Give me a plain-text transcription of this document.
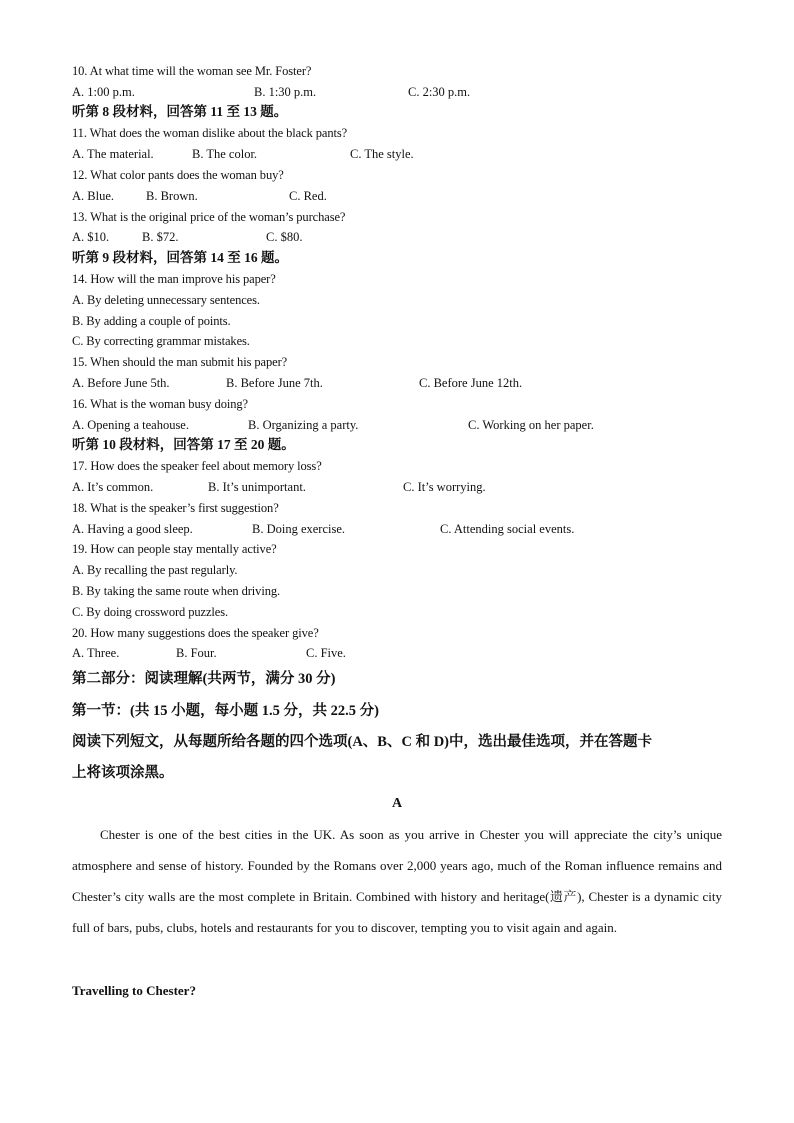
10. At what time will the woman see Mr. Foster?
A. 1:00 p.m.	B. 1:30 p.m.	C. 2:30 p.m.
听第 8 段材料，回答第 11 至 13 题。
11. What does the woman dislike about the black pants?
A. The material.	B. The color.	C. The style.
12. What color pants does the woman buy?
A. Blue.	B. Brown.	C. Red.
13. What is the original price of the woman’s purchase?
A. $10.	B. $72.	C. $80.
听第 9 段材料，回答第 14 至 16 题。
14. How will the man improve his paper?
A. By deleting unnecessary sentences.
B. By adding a couple of points.
C. By correcting grammar mistakes.
15. When should the man submit his paper?
A. Before June 5th.	B. Before June 7th.	C. Before June 12th.
16. What is the woman busy doing?
A. Opening a teahouse.	B. Organizing a party.	C. Working on her paper.
听第 10 段材料，回答第 17 至 20 题。
17. How does the speaker feel about memory loss?
A. It’s common.	B. It’s unimportant.	C. It’s worrying.
18. What is the speaker’s first suggestion?
A. Having a good sleep.	B. Doing exercise.	C. Attending social events.
19. How can people stay mentally active?
A. By recalling the past regularly.
B. By taking the same route when driving.
C. By doing crossword puzzles.
20. How many suggestions does the speaker give?
A. Three.	B. Four.	C. Five.
第二部分：阅读理解(共两节，满分 30 分)
第一节：(共 15 小题，每小题 1.5 分，共 22.5 分)
阅读下列短文，从每题所给各题的四个选项(A、B、C 和 D)中，选出最佳选项，并在答题卡
上将该项涂黑。
A
Chester is one of the best cities in the UK. As soon as you arrive in Chester you will appreciate the city’s unique atmosphere and sense of history. Founded by the Romans over 2,000 years ago, much of the Roman influence remains and Chester’s city walls are the most complete in Britain. Combined with history and heritage(遗产), Chester is a dynamic city full of bars, pubs, clubs, hotels and restaurants for you to discover, tempting you to visit again and again.
Travelling to Chester?
